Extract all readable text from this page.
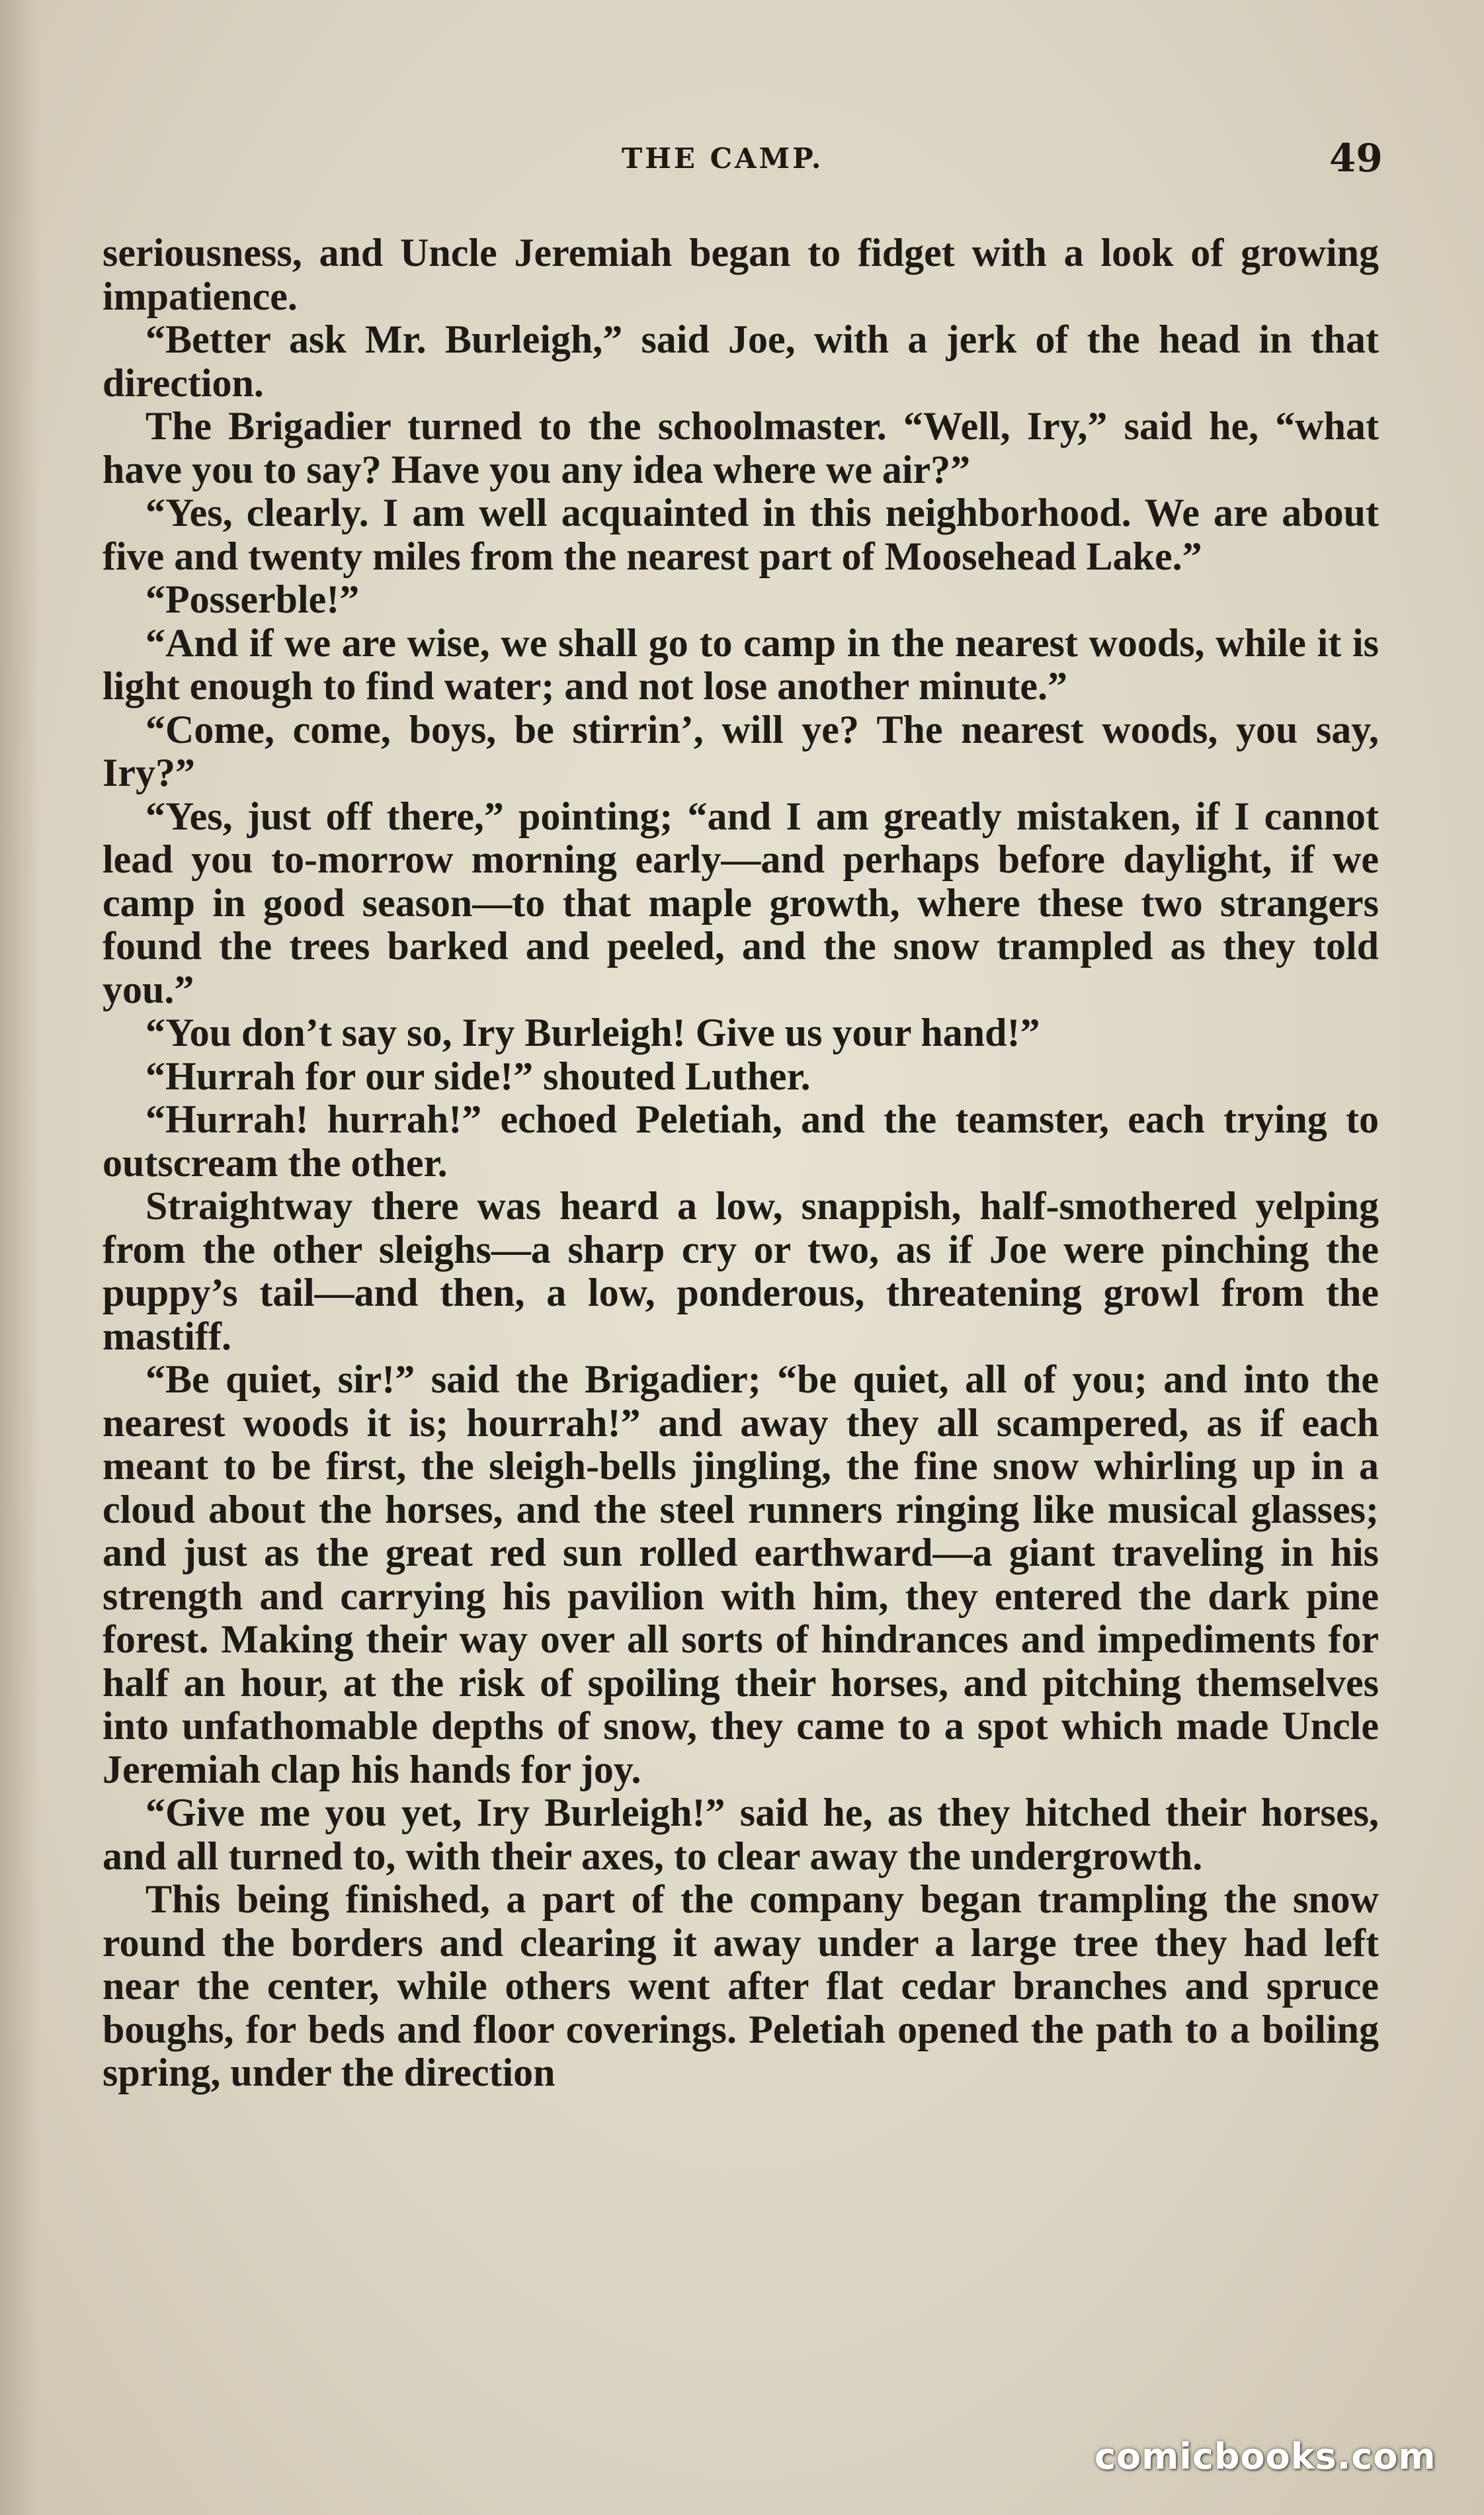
THE CAMP.	49

seriousness, and Uncle Jeremiah began to fidget with a look of growing impatience.

“Better ask Mr. Burleigh,” said Joe, with a jerk of the head in that direction.

The Brigadier turned to the schoolmaster. “Well, Iry,” said he, “what have you to say? Have you any idea where we air?”

“Yes, clearly. I am well acquainted in this neighborhood. We are about five and twenty miles from the nearest part of Moosehead Lake.”

“Posserble!”

“And if we are wise, we shall go to camp in the nearest woods, while it is light enough to find water; and not lose another minute.”

“Come, come, boys, be stirrin’, will ye? The nearest woods, you say, Iry?”

“Yes, just off there,” pointing; “and I am greatly mistaken, if I cannot lead you to-morrow morning early—and perhaps before daylight, if we camp in good season—to that maple growth, where these two strangers found the trees barked and peeled, and the snow trampled as they told you.”

“You don’t say so, Iry Burleigh! Give us your hand!”

“Hurrah for our side!” shouted Luther.

“Hurrah! hurrah!” echoed Peletiah, and the teamster, each trying to outscream the other.

Straightway there was heard a low, snappish, half-smothered yelping from the other sleighs—a sharp cry or two, as if Joe were pinching the puppy’s tail—and then, a low, ponderous, threatening growl from the mastiff.

“Be quiet, sir!” said the Brigadier; “be quiet, all of you; and into the nearest woods it is; hourrah!” and away they all scampered, as if each meant to be first, the sleigh-bells jingling, the fine snow whirling up in a cloud about the horses, and the steel runners ringing like musical glasses; and just as the great red sun rolled earthward—a giant traveling in his strength and carrying his pavilion with him, they entered the dark pine forest. Making their way over all sorts of hindrances and impediments for half an hour, at the risk of spoiling their horses, and pitching themselves into unfathomable depths of snow, they came to a spot which made Uncle Jeremiah clap his hands for joy.

“Give me you yet, Iry Burleigh!” said he, as they hitched their horses, and all turned to, with their axes, to clear away the undergrowth.

This being finished, a part of the company began trampling the snow round the borders and clearing it away under a large tree they had left near the center, while others went after flat cedar branches and spruce boughs, for beds and floor coverings. Peletiah opened the path to a boiling spring, under the direction

comicbooks.com
